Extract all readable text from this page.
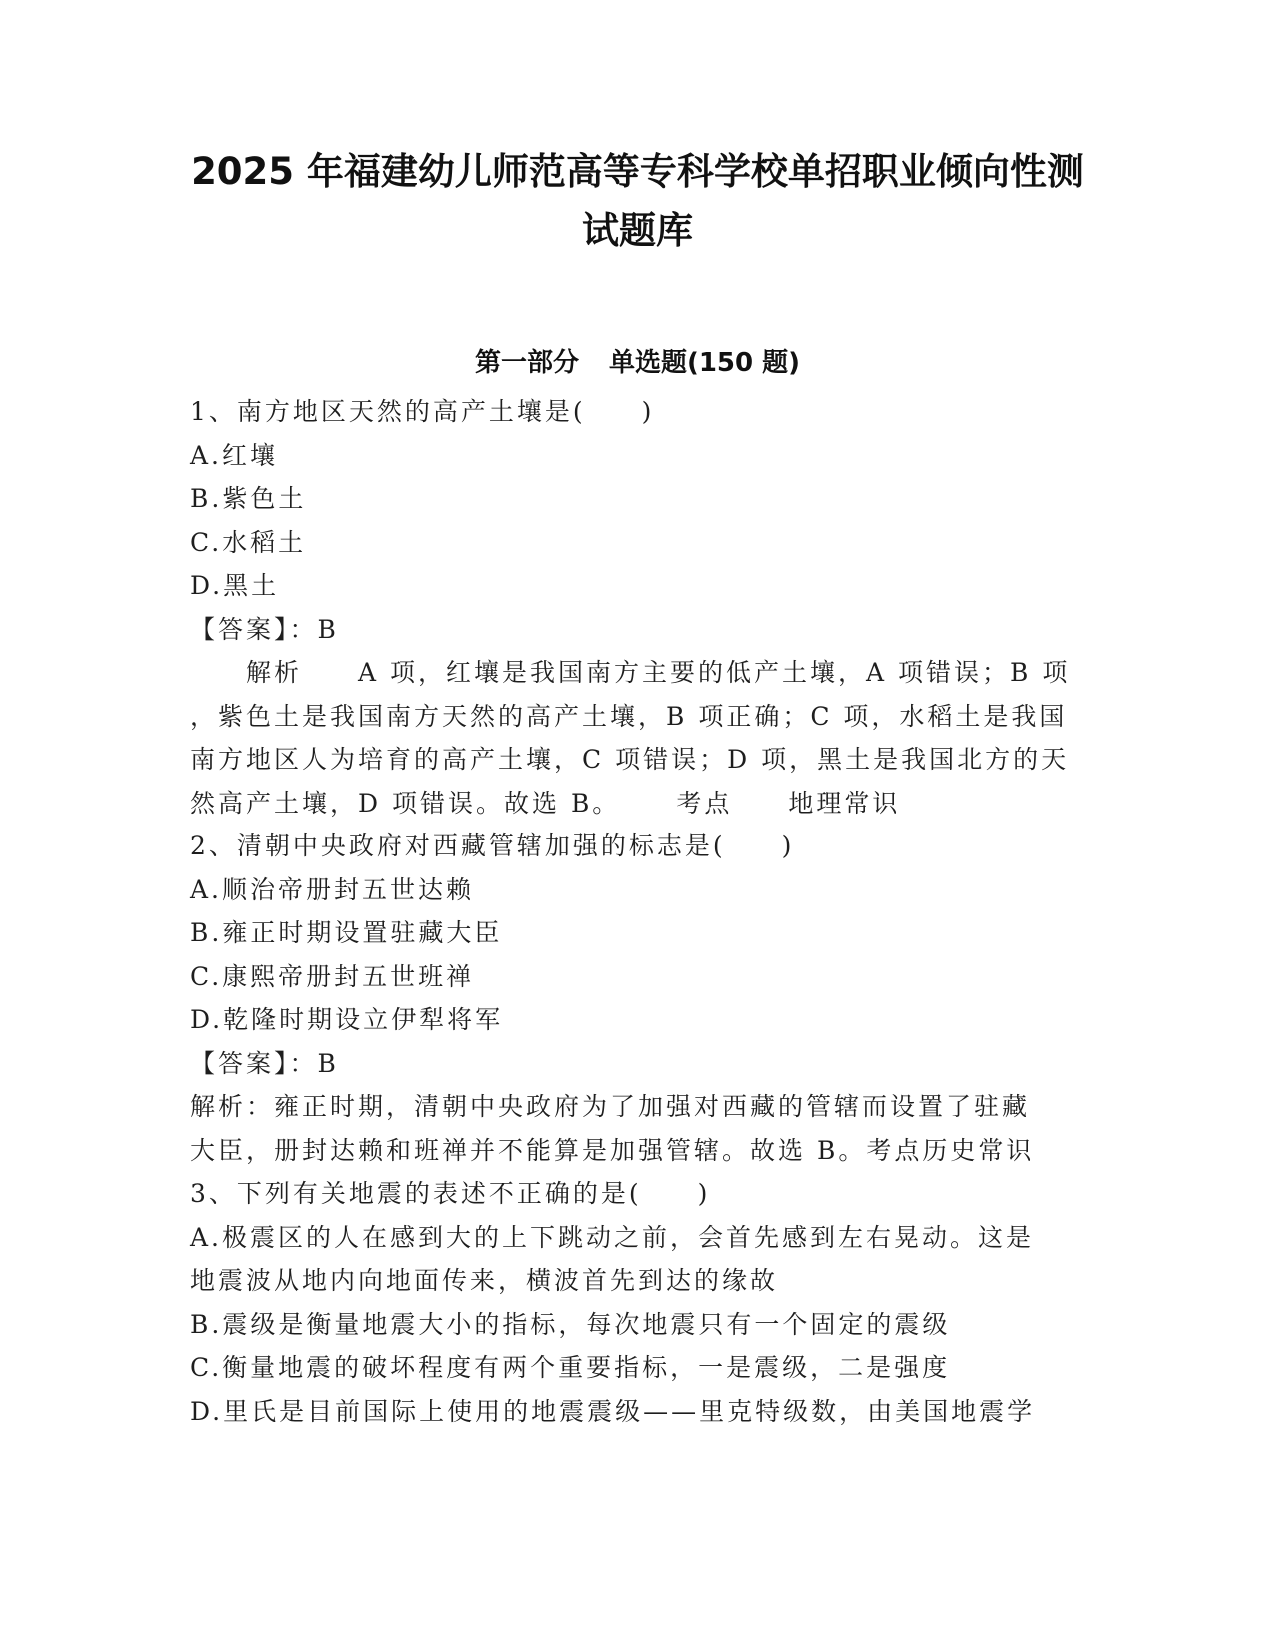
2025 年福建幼儿师范高等专科学校单招职业倾向性测
试题库
第一部分 单选题(150 题)
1、南方地区天然的高产土壤是(　　)
A.红壤
B.紫色土
C.水稻土
D.黑土
【答案】：B
解析 A 项，红壤是我国南方主要的低产土壤，A 项错误；B 项
，紫色土是我国南方天然的高产土壤，B 项正确；C 项，水稻土是我国
南方地区人为培育的高产土壤，C 项错误；D 项，黑土是我国北方的天
然高产土壤，D 项错误。故选 B。 考点 地理常识
2、清朝中央政府对西藏管辖加强的标志是(　　)
A.顺治帝册封五世达赖
B.雍正时期设置驻藏大臣
C.康熙帝册封五世班禅
D.乾隆时期设立伊犁将军
【答案】：B
解析：雍正时期，清朝中央政府为了加强对西藏的管辖而设置了驻藏
大臣，册封达赖和班禅并不能算是加强管辖。故选 B。考点历史常识
3、下列有关地震的表述不正确的是(　　)
A.极震区的人在感到大的上下跳动之前，会首先感到左右晃动。这是
地震波从地内向地面传来，横波首先到达的缘故
B.震级是衡量地震大小的指标，每次地震只有一个固定的震级
C.衡量地震的破坏程度有两个重要指标，一是震级，二是强度
D.里氏是目前国际上使用的地震震级——里克特级数，由美国地震学
